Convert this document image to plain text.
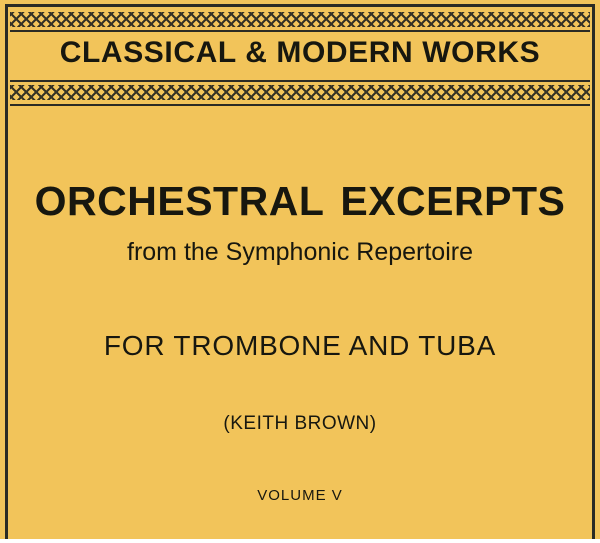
CLASSICAL & MODERN WORKS
ORCHESTRAL EXCERPTS
from the Symphonic Repertoire
FOR TROMBONE AND TUBA
(KEITH BROWN)
VOLUME V
